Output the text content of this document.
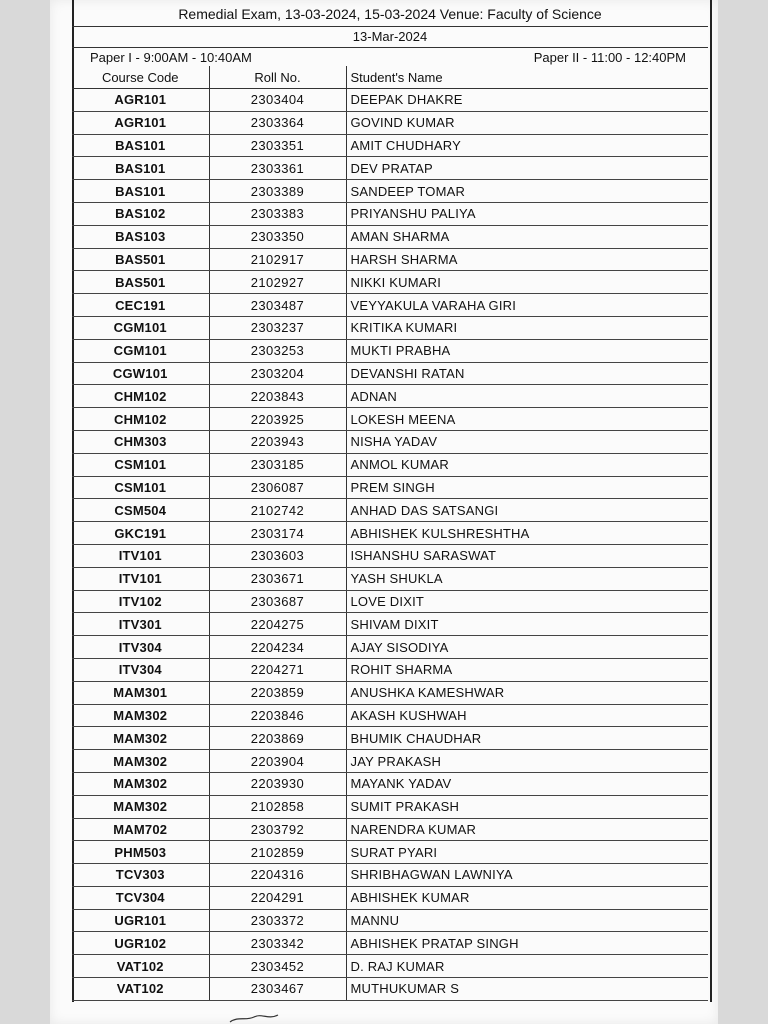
Remedial Exam, 13-03-2024, 15-03-2024 Venue: Faculty of Science
13-Mar-2024
Paper I - 9:00AM - 10:40AM	Paper II - 11:00 - 12:40PM
Course Code	Roll No.	Student's Name
AGR101	2303404	DEEPAK DHAKRE
AGR101	2303364	GOVIND KUMAR
BAS101	2303351	AMIT CHUDHARY
BAS101	2303361	DEV PRATAP
BAS101	2303389	SANDEEP TOMAR
BAS102	2303383	PRIYANSHU PALIYA
BAS103	2303350	AMAN SHARMA
BAS501	2102917	HARSH SHARMA
BAS501	2102927	NIKKI KUMARI
CEC191	2303487	VEYYAKULA VARAHA GIRI
CGM101	2303237	KRITIKA KUMARI
CGM101	2303253	MUKTI PRABHA
CGW101	2303204	DEVANSHI RATAN
CHM102	2203843	ADNAN
CHM102	2203925	LOKESH MEENA
CHM303	2203943	NISHA YADAV
CSM101	2303185	ANMOL KUMAR
CSM101	2306087	PREM SINGH
CSM504	2102742	ANHAD DAS SATSANGI
GKC191	2303174	ABHISHEK KULSHRESHTHA
ITV101	2303603	ISHANSHU SARASWAT
ITV101	2303671	YASH SHUKLA
ITV102	2303687	LOVE DIXIT
ITV301	2204275	SHIVAM DIXIT
ITV304	2204234	AJAY SISODIYA
ITV304	2204271	ROHIT SHARMA
MAM301	2203859	ANUSHKA KAMESHWAR
MAM302	2203846	AKASH KUSHWAH
MAM302	2203869	BHUMIK CHAUDHAR
MAM302	2203904	JAY PRAKASH
MAM302	2203930	MAYANK YADAV
MAM302	2102858	SUMIT PRAKASH
MAM702	2303792	NARENDRA KUMAR
PHM503	2102859	SURAT PYARI
TCV303	2204316	SHRIBHAGWAN LAWNIYA
TCV304	2204291	ABHISHEK KUMAR
UGR101	2303372	MANNU
UGR102	2303342	ABHISHEK PRATAP SINGH
VAT102	2303452	D. RAJ KUMAR
VAT102	2303467	MUTHUKUMAR S
